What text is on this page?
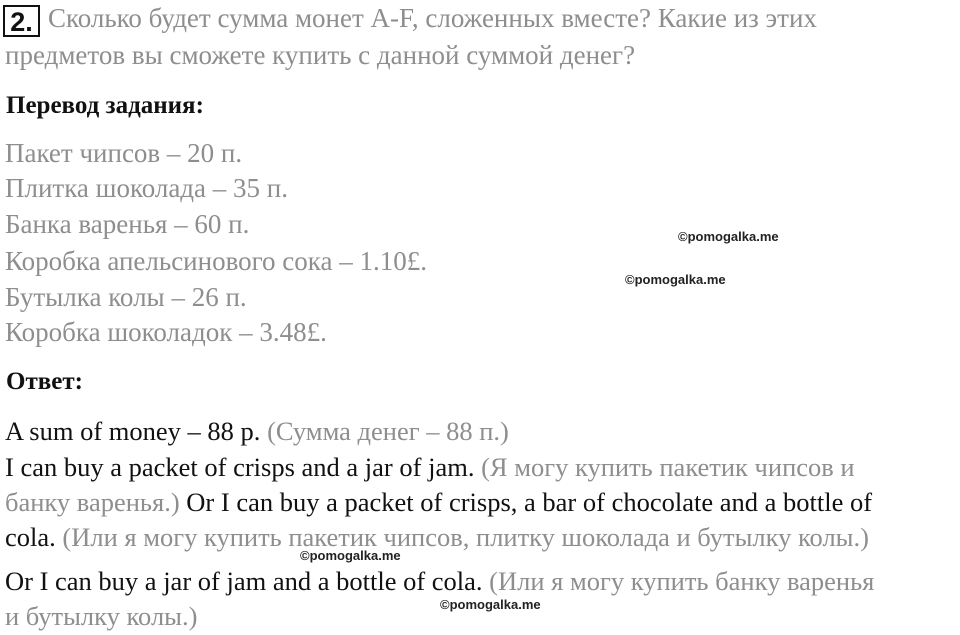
2. Сколько будет сумма монет A-F, сложенных вместе? Какие из этих
предметов вы сможете купить с данной суммой денег?
Перевод задания:
Пакет чипсов – 20 п.
Плитка шоколада – 35 п.
Банка варенья – 60 п.
Коробка апельсинового сока – 1.10£.
Бутылка колы – 26 п.
Коробка шоколадок – 3.48£.
Ответ:
A sum of money – 88 p. (Сумма денег – 88 п.)
I can buy a packet of crisps and a jar of jam. (Я могу купить пакетик чипсов и
банку варенья.) Or I can buy a packet of crisps, a bar of chocolate and a bottle of
cola. (Или я могу купить пакетик чипсов, плитку шоколада и бутылку колы.)
Or I can buy a jar of jam and a bottle of cola. (Или я могу купить банку варенья
и бутылку колы.)
©pomogalka.me
©pomogalka.me
©pomogalka.me
©pomogalka.me
